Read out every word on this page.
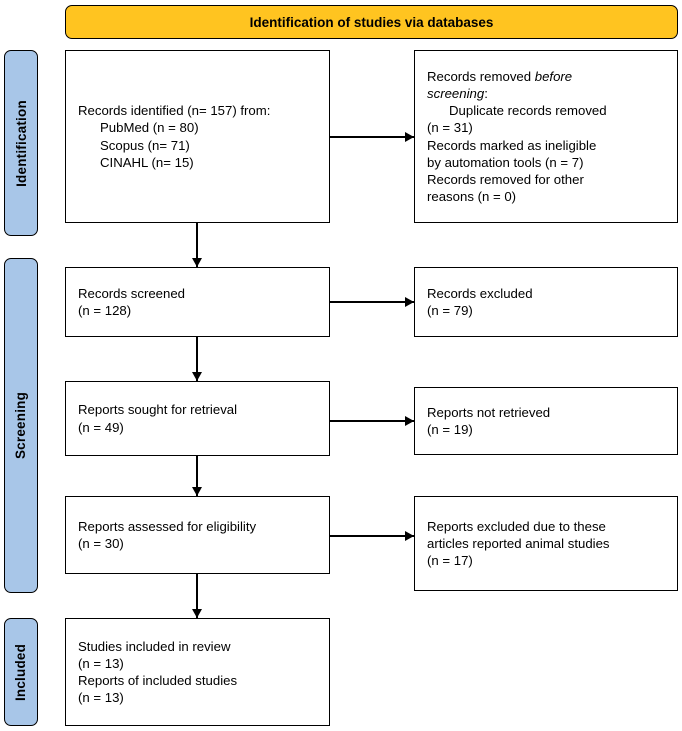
Identification of studies via databases
Identification
Screening
Included
Records identified (n= 157) from:
PubMed (n = 80)
Scopus (n= 71)
CINAHL (n= 15)
Records removed before
screening:
Duplicate records removed
(n = 31)
Records marked as ineligible
by automation tools (n = 7)
Records removed for other
reasons (n = 0)
Records screened
(n = 128)
Records excluded
(n = 79)
Reports sought for retrieval
(n = 49)
Reports not retrieved
(n = 19)
Reports assessed for eligibility
(n = 30)
Reports excluded due to these
articles reported animal studies
(n = 17)
Studies included in review
(n = 13)
Reports of included studies
(n = 13)
